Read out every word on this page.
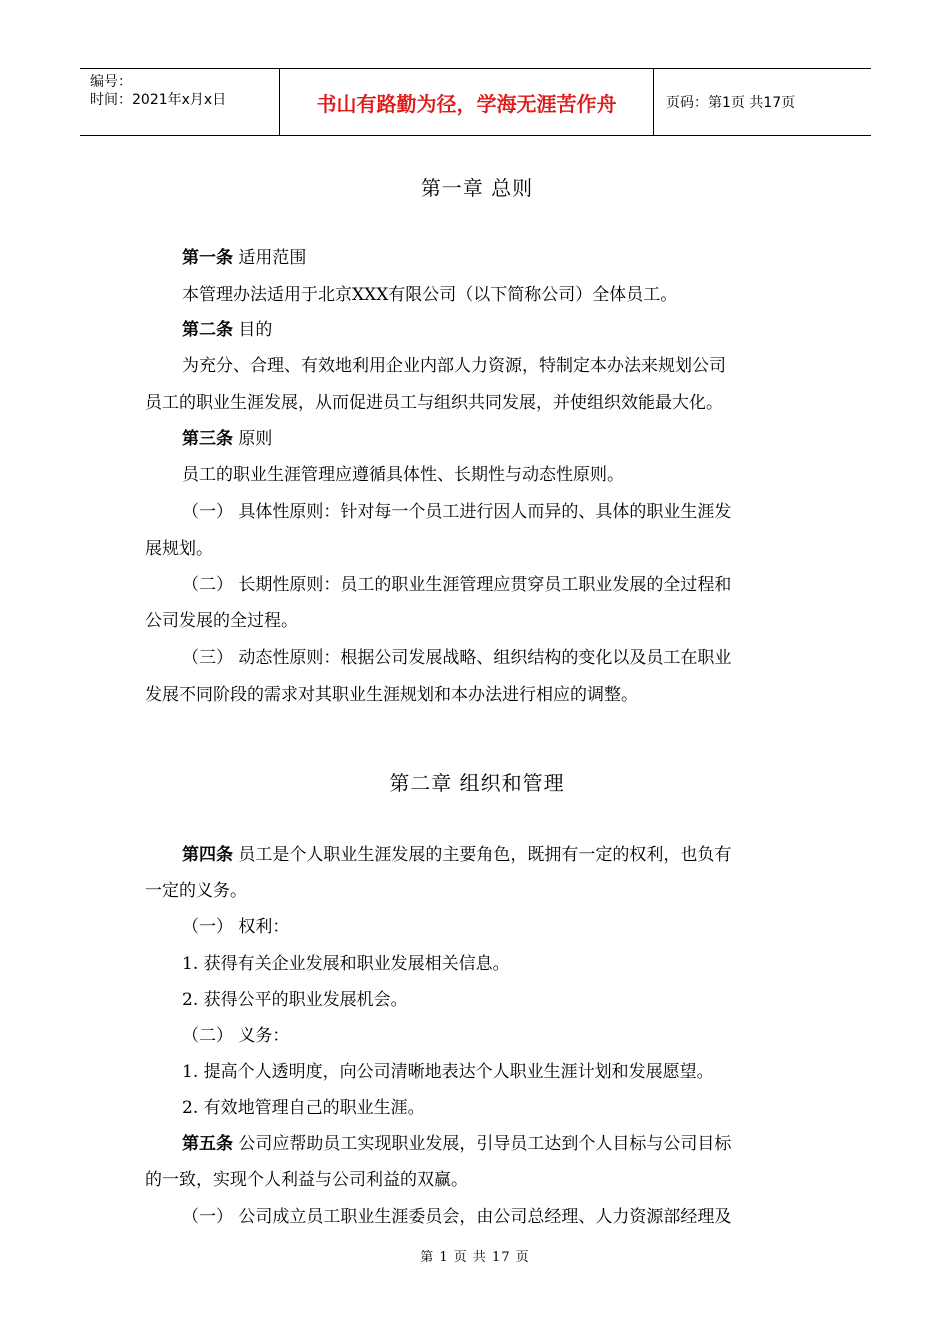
编号：
时间：2021年x月x日	书山有路勤为径，学海无涯苦作舟	页码：第1页 共17页
第一章 总则
第一条 适用范围
本管理办法适用于北京XXX有限公司（以下简称公司）全体员工。
第二条 目的
为充分、合理、有效地利用企业内部人力资源，特制定本办法来规划公司
员工的职业生涯发展，从而促进员工与组织共同发展，并使组织效能最大化。
第三条 原则
员工的职业生涯管理应遵循具体性、长期性与动态性原则。
（一） 具体性原则：针对每一个员工进行因人而异的、具体的职业生涯发
展规划。
（二） 长期性原则：员工的职业生涯管理应贯穿员工职业发展的全过程和
公司发展的全过程。
（三） 动态性原则：根据公司发展战略、组织结构的变化以及员工在职业
发展不同阶段的需求对其职业生涯规划和本办法进行相应的调整。
第二章 组织和管理
第四条 员工是个人职业生涯发展的主要角色，既拥有一定的权利，也负有
一定的义务。
（一） 权利：
1. 获得有关企业发展和职业发展相关信息。
2. 获得公平的职业发展机会。
（二） 义务：
1. 提高个人透明度，向公司清晰地表达个人职业生涯计划和发展愿望。
2. 有效地管理自己的职业生涯。
第五条 公司应帮助员工实现职业发展，引导员工达到个人目标与公司目标
的一致，实现个人利益与公司利益的双赢。
（一） 公司成立员工职业生涯委员会，由公司总经理、人力资源部经理及
第 1 页 共 17 页
